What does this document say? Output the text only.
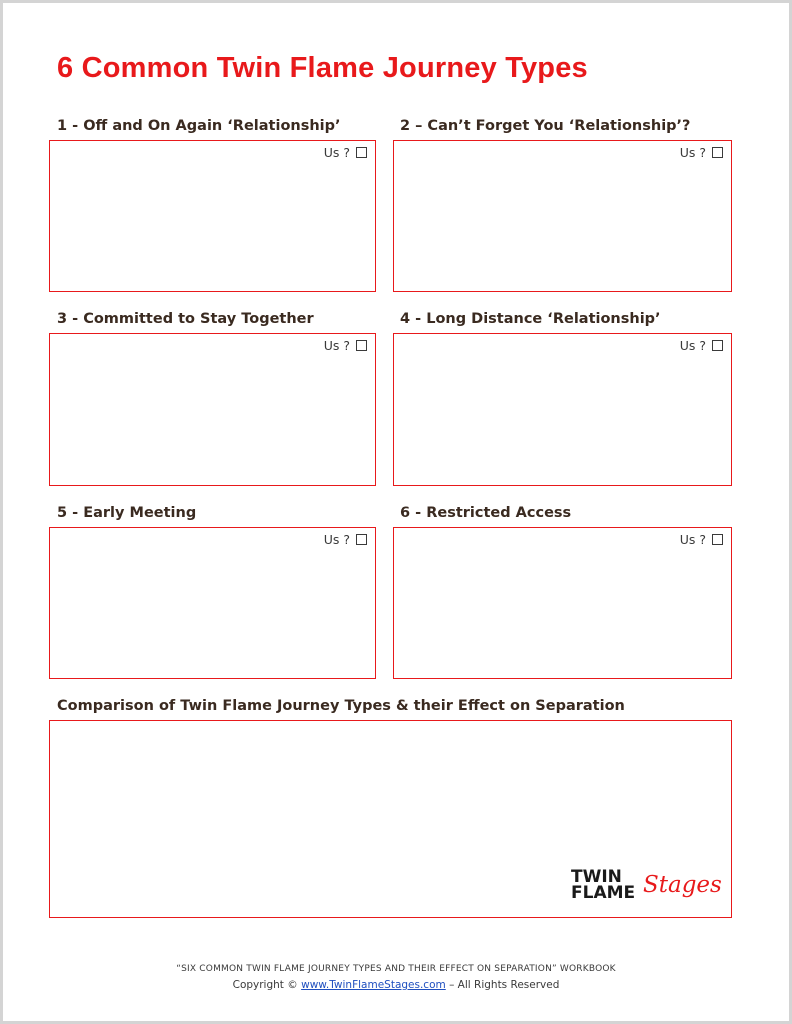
6 Common Twin Flame Journey Types
1 - Off and On Again ‘Relationship’
Us ?
2 – Can’t Forget You ‘Relationship’?
Us ?
3 - Committed to Stay Together
Us ?
4 - Long Distance ‘Relationship’
Us ?
5 - Early Meeting
Us ?
6 - Restricted Access
Us ?
Comparison of Twin Flame Journey Types & their Effect on Separation
TWIN
FLAME Stages
“SIX COMMON TWIN FLAME JOURNEY TYPES AND THEIR EFFECT ON SEPARATION” WORKBOOK
Copyright © www.TwinFlameStages.com – All Rights Reserved
